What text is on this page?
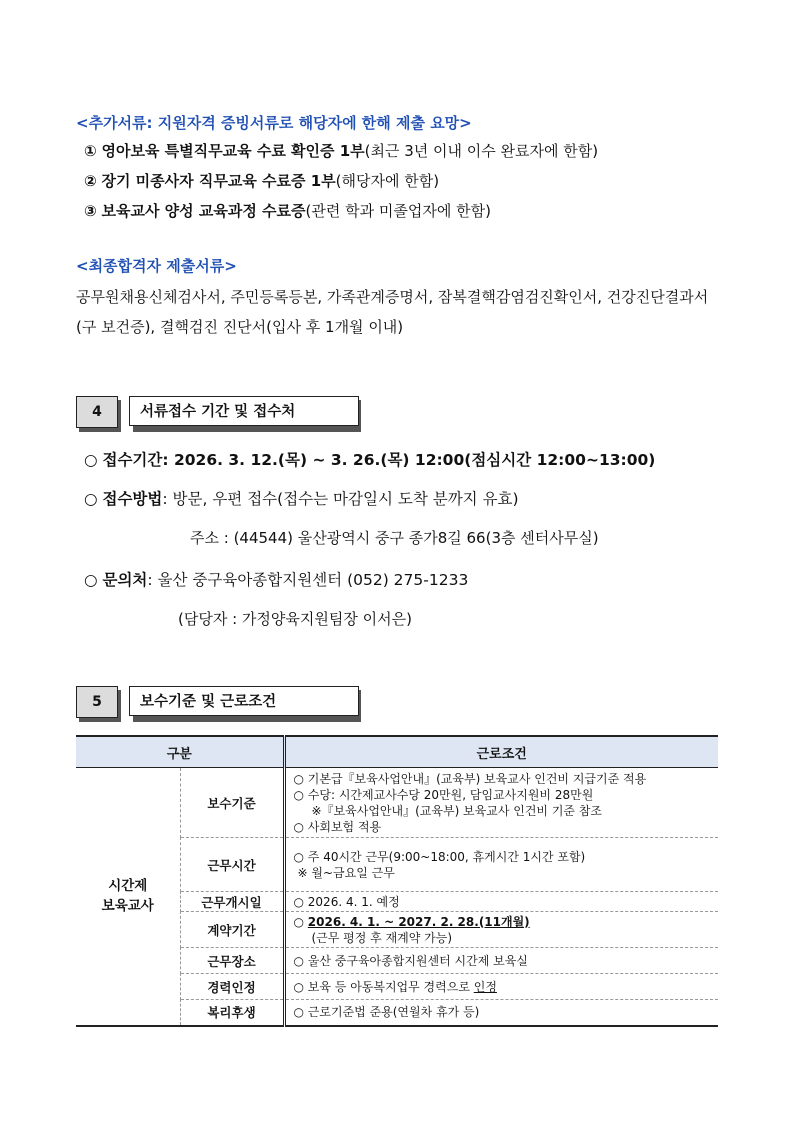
<추가서류: 지원자격 증빙서류로 해당자에 한해 제출 요망>
① 영아보육 특별직무교육 수료 확인증 1부(최근 3년 이내 이수 완료자에 한함)
② 장기 미종사자 직무교육 수료증 1부(해당자에 한함)
③ 보육교사 양성 교육과정 수료증(관련 학과 미졸업자에 한함)
<최종합격자 제출서류>
공무원채용신체검사서, 주민등록등본, 가족관계증명서, 잠복결핵감염검진확인서, 건강진단결과서(구 보건증), 결핵검진 진단서(입사 후 1개월 이내)
4	서류접수 기간 및 접수처
○ 접수기간: 2026. 3. 12.(목) ~ 3. 26.(목) 12:00(점심시간 12:00~13:00)
○ 접수방법: 방문, 우편 접수(접수는 마감일시 도착 분까지 유효)
주소 : (44544) 울산광역시 중구 종가8길 66(3층 센터사무실)
○ 문의처: 울산 중구육아종합지원센터 (052) 275-1233
(담당자 : 가정양육지원팀장 이서은)
5	보수기준 및 근로조건
구분		근로조건

시간제
보육교사	보수기준	○ 기본급『보육사업안내』(교육부) 보육교사 인건비 지급기준 적용
○ 수당: 시간제교사수당 20만원, 담임교사지원비 28만원
※『보육사업안내』(교육부) 보육교사 인건비 기준 참조
○ 사회보험 적용

	근무시간	○ 주 40시간 근무(9:00~18:00, 휴게시간 1시간 포함)
※ 월~금요일 근무

	근무개시일	○ 2026. 4. 1. 예정
	계약기간	○ 2026. 4. 1. ~ 2027. 2. 28.(11개월)
(근무 평정 후 재계약 가능)

	근무장소	○ 울산 중구육아종합지원센터 시간제 보육실
	경력인정	○ 보육 등 아동복지업무 경력으로 인정
	복리후생	○ 근로기준법 준용(연월차 휴가 등)
